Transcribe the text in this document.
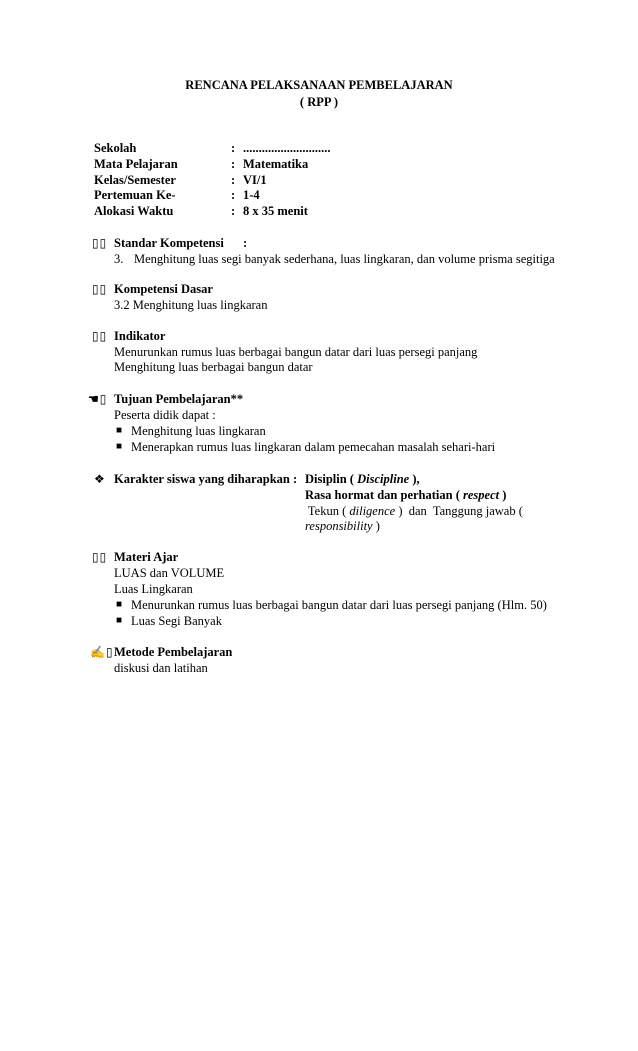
RENCANA PELAKSANAAN PEMBELAJARAN
( RPP )
Sekolah	: ............................
Mata Pelajaran	: Matematika
Kelas/Semester	: VI/1
Pertemuan Ke-	: 1-4
Alokasi Waktu	: 8 x 35 menit
▯▯ Standar Kompetensi :
3. Menghitung luas segi banyak sederhana, luas lingkaran, dan volume prisma segitiga
▯▯ Kompetensi Dasar
3.2 Menghitung luas lingkaran
▯▯ Indikator
Menurunkan rumus luas berbagai bangun datar dari luas persegi panjang
Menghitung luas berbagai bangun datar
☚▯ Tujuan Pembelajaran**
Peserta didik dapat :
■ Menghitung luas lingkaran
■ Menerapkan rumus luas lingkaran dalam pemecahan masalah sehari-hari
❖ Karakter siswa yang diharapkan : Disiplin ( Discipline ),
Rasa hormat dan perhatian ( respect )
Tekun ( diligence )  dan  Tanggung jawab (
responsibility )
▯▯ Materi Ajar
LUAS dan VOLUME
Luas Lingkaran
■ Menurunkan rumus luas berbagai bangun datar dari luas persegi panjang (Hlm. 50)
■ Luas Segi Banyak
✍▯ Metode Pembelajaran
diskusi dan latihan
